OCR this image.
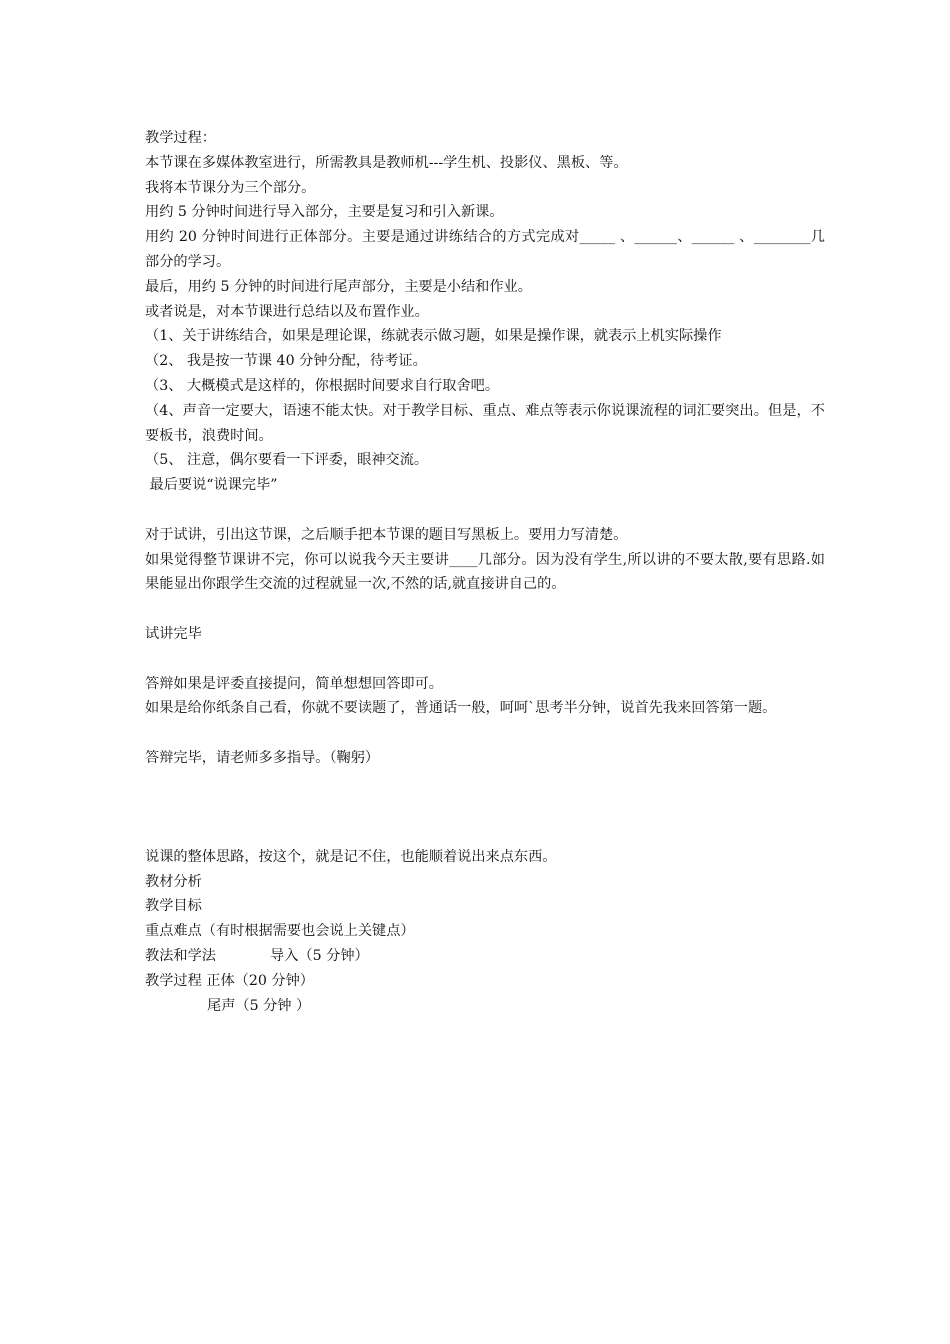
教学过程：
本节课在多媒体教室进行，所需教具是教师机---学生机、投影仪、黑板、等。
我将本节课分为三个部分。
用约 5 分钟时间进行导入部分，主要是复习和引入新课。
用约 20 分钟时间进行正体部分。主要是通过讲练结合的方式完成对_____ 、______、______ 、________几部分的学习。
最后，用约 5 分钟的时间进行尾声部分，主要是小结和作业。
或者说是，对本节课进行总结以及布置作业。
（1、关于讲练结合，如果是理论课，练就表示做习题，如果是操作课，就表示上机实际操作
（2、 我是按一节课 40 分钟分配，待考证。
（3、 大概模式是这样的，你根据时间要求自行取舍吧。
（4、声音一定要大，语速不能太快。对于教学目标、重点、难点等表示你说课流程的词汇要突出。但是，不要板书，浪费时间。
（5、 注意，偶尔要看一下评委，眼神交流。
最后要说“说课完毕”
对于试讲，引出这节课，之后顺手把本节课的题目写黑板上。要用力写清楚。
如果觉得整节课讲不完，你可以说我今天主要讲____几部分。因为没有学生,所以讲的不要太散,要有思路.如果能显出你跟学生交流的过程就显一次,不然的话,就直接讲自己的。
试讲完毕
答辩如果是评委直接提问，简单想想回答即可。
如果是给你纸条自己看，你就不要读题了，普通话一般，呵呵`思考半分钟，说首先我来回答第一题。
答辩完毕，请老师多多指导。（鞠躬）
说课的整体思路，按这个，就是记不住，也能顺着说出来点东西。
教材分析
教学目标
重点难点（有时根据需要也会说上关键点）
教法和学法            导入（5 分钟）
教学过程 正体（20 分钟）
尾声（5 分钟 ）
